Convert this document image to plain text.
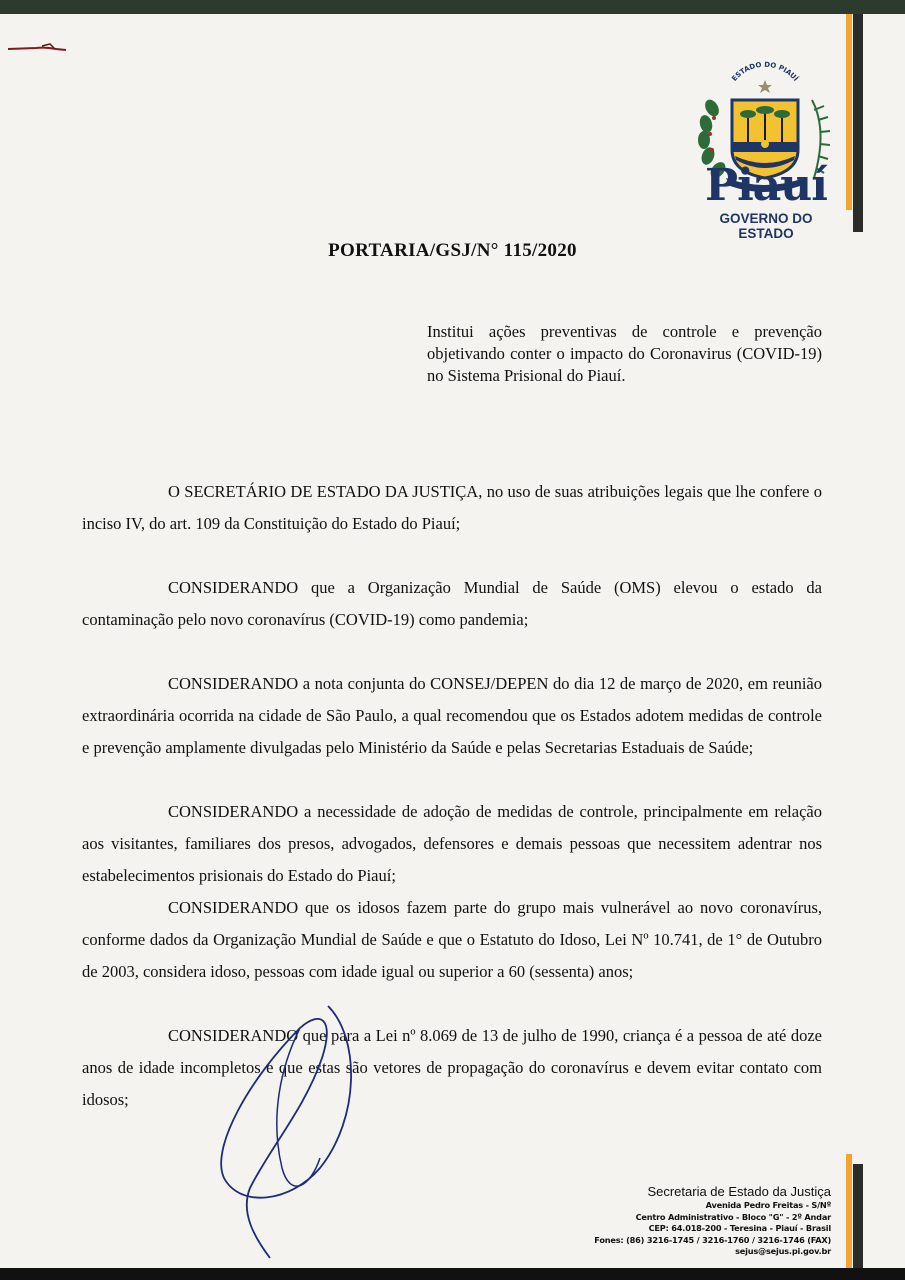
ESTADO DO PIAUÍ
Piauí
GOVERNO DO ESTADO
PORTARIA/GSJ/N° 115/2020
Institui ações preventivas de controle e prevenção objetivando conter o impacto do Coronavirus (COVID-19) no Sistema Prisional do Piauí.
O SECRETÁRIO DE ESTADO DA JUSTIÇA, no uso de suas atribuições legais que lhe confere o inciso IV, do art. 109 da Constituição do Estado do Piauí;
CONSIDERANDO que a Organização Mundial de Saúde (OMS) elevou o estado da contaminação pelo novo coronavírus (COVID-19) como pandemia;
CONSIDERANDO a nota conjunta do CONSEJ/DEPEN do dia 12 de março de 2020, em reunião extraordinária ocorrida na cidade de São Paulo, a qual recomendou que os Estados adotem medidas de controle e prevenção amplamente divulgadas pelo Ministério da Saúde e pelas Secretarias Estaduais de Saúde;
CONSIDERANDO a necessidade de adoção de medidas de controle, principalmente em relação aos visitantes, familiares dos presos, advogados, defensores e demais pessoas que necessitem adentrar nos estabelecimentos prisionais do Estado do Piauí;
CONSIDERANDO que os idosos fazem parte do grupo mais vulnerável ao novo coronavírus, conforme dados da Organização Mundial de Saúde e que o Estatuto do Idoso, Lei Nº 10.741, de 1° de Outubro de 2003, considera idoso, pessoas com idade igual ou superior a 60 (sessenta) anos;
CONSIDERANDO que para a Lei nº 8.069 de 13 de julho de 1990, criança é a pessoa de até doze anos de idade incompletos e que estas são vetores de propagação do coronavírus e devem evitar contato com idosos;
Secretaria de Estado da Justiça
Avenida Pedro Freitas - S/Nº
Centro Administrativo - Bloco "G" - 2º Andar
CEP: 64.018-200 - Teresina - Piauí - Brasil
Fones: (86) 3216-1745 / 3216-1760 / 3216-1746 (FAX)
sejus@sejus.pi.gov.br
